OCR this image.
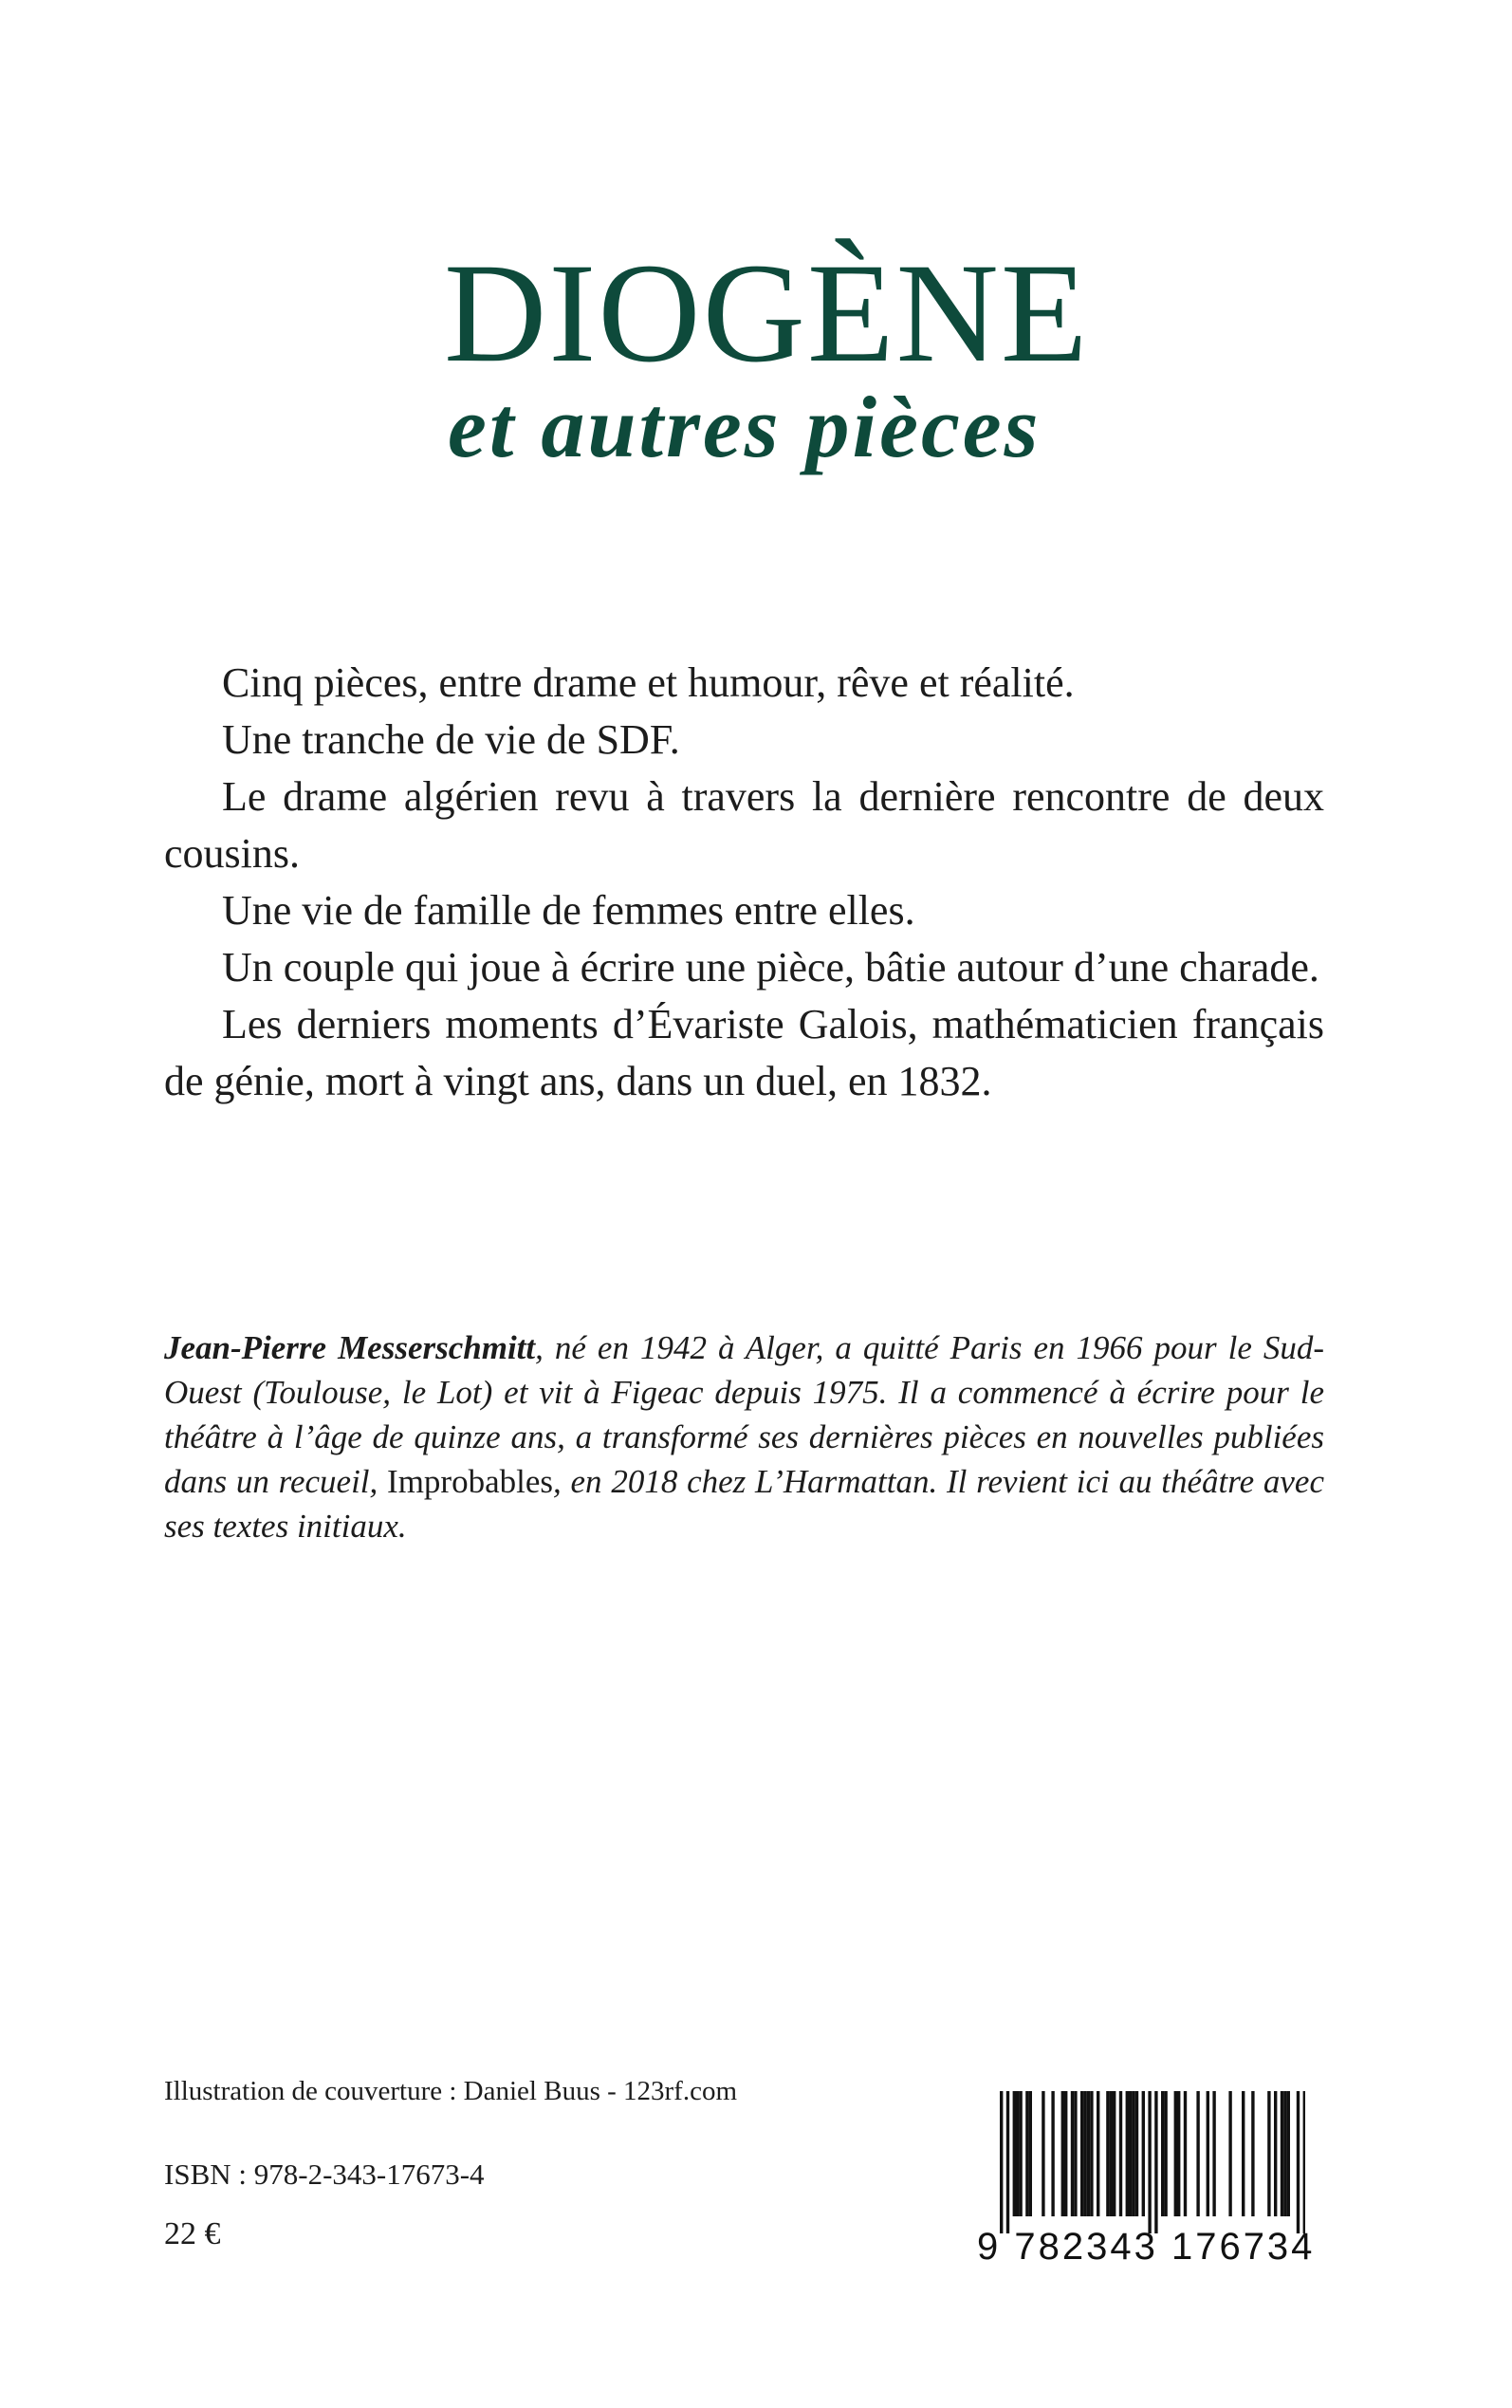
DIOGÈNE
et autres pièces

Cinq pièces, entre drame et humour, rêve et réalité.

Une tranche de vie de SDF.

Le drame algérien revu à travers la dernière rencontre de deux cousins.

Une vie de famille de femmes entre elles.

Un couple qui joue à écrire une pièce, bâtie autour d’une charade.

Les derniers moments d’Évariste Galois, mathématicien français de génie, mort à vingt ans, dans un duel, en 1832.

Jean-Pierre Messerschmitt, né en 1942 à Alger, a quitté Paris en 1966 pour le Sud-Ouest (Toulouse, le Lot) et vit à Figeac depuis 1975. Il a commencé à écrire pour le théâtre à l’âge de quinze ans, a transformé ses dernières pièces en nouvelles publiées dans un recueil, Improbables, en 2018 chez L’Harmattan. Il revient ici au théâtre avec ses textes initiaux.

Illustration de couverture : Daniel Buus - 123rf.com
ISBN : 978-2-343-17673-4
22 €	9 782343 176734
